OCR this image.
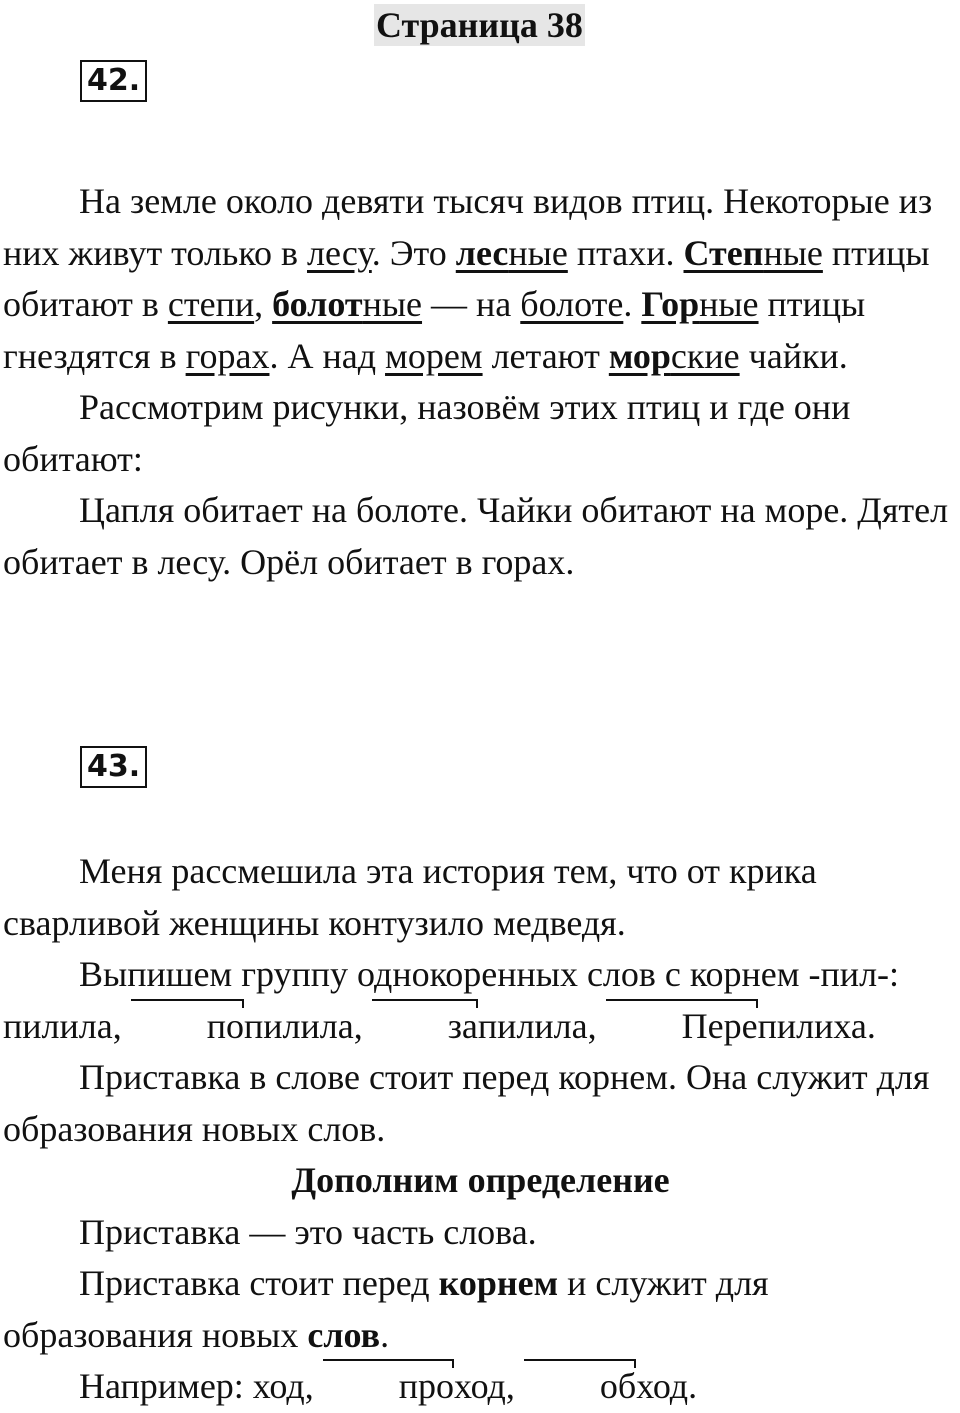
Страница 38
42.

На земле около девяти тысяч видов птиц. Некоторые из них живут только в лесу. Это лесные птахи. Степные птицы обитают в степи, болотные — на болоте. Горные птицы гнездятся в горах. А над морем летают морские чайки.

Рассмотрим рисунки, назовём этих птиц и где они обитают:

Цапля обитает на болоте. Чайки обитают на море. Дятел обитает в лесу. Орёл обитает в горах.

43.

Меня рассмешила эта история тем, что от крика сварливой женщины контузило медведя.

Выпишем группу однокоренных слов с корнем -пил-: пилила, попилила, запилила, Перепилиха.

Приставка в слове стоит перед корнем. Она служит для образования новых слов.

Дополним определение

Приставка — это часть слова.

Приставка стоит перед корнем и служит для образования новых слов.

Например: ход, проход, обход.
